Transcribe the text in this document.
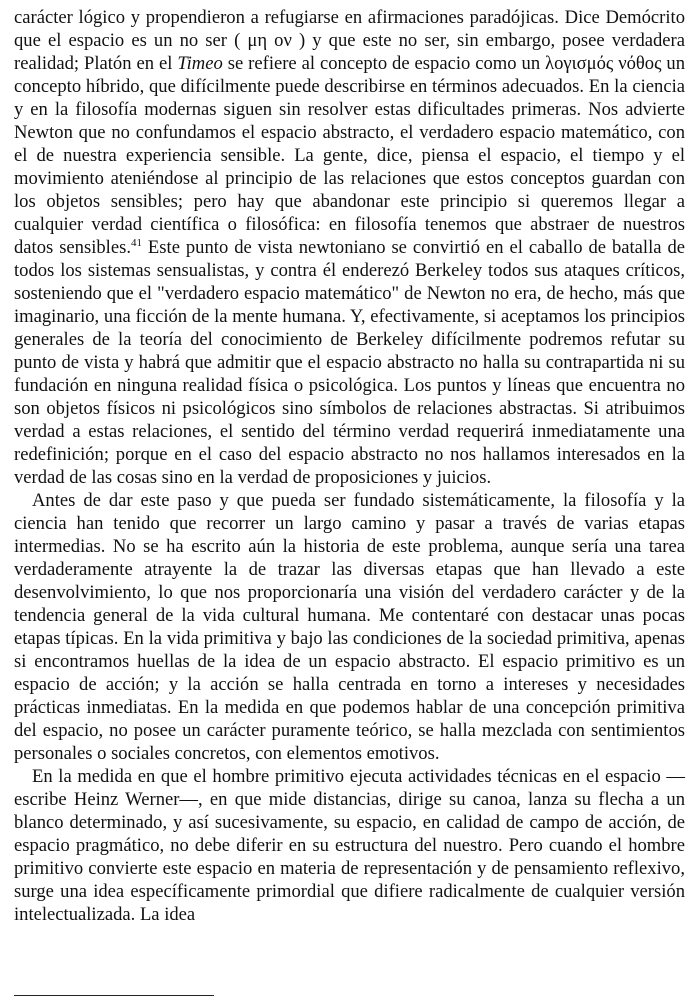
carácter lógico y propendieron a refugiarse en afirmaciones paradójicas. Dice Demócrito que el espacio es un no ser ( μη ον ) y que este no ser, sin embargo, posee verdadera realidad; Platón en el Timeo se refiere al concepto de espacio como un λογισμός νόθος un concepto híbrido, que difícilmente puede describirse en términos adecuados. En la ciencia y en la filosofía modernas siguen sin resolver estas dificultades primeras. Nos advierte Newton que no confundamos el espacio abstracto, el verdadero espacio matemático, con el de nuestra experiencia sensible. La gente, dice, piensa el espacio, el tiempo y el movimiento ateniéndose al principio de las relaciones que estos conceptos guardan con los objetos sensibles; pero hay que abandonar este principio si queremos llegar a cualquier verdad científica o filosófica: en filosofía tenemos que abstraer de nuestros datos sensibles.$^{41}$ Este punto de vista newtoniano se convirtió en el caballo de batalla de todos los sistemas sensualistas, y contra él enderezó Berkeley todos sus ataques críticos, sosteniendo que el "verdadero espacio matemático" de Newton no era, de hecho, más que imaginario, una ficción de la mente humana. Y, efectivamente, si aceptamos los principios generales de la teoría del conocimiento de Berkeley difícilmente podremos refutar su punto de vista y habrá que admitir que el espacio abstracto no halla su contrapartida ni su fundación en ninguna realidad física o psicológica. Los puntos y líneas que encuentra no son objetos físicos ni psicológicos sino símbolos de relaciones abstractas. Si atribuimos verdad a estas relaciones, el sentido del término verdad requerirá inmediatamente una redefinición; porque en el caso del espacio abstracto no nos hallamos interesados en la verdad de las cosas sino en la verdad de proposiciones y juicios.

Antes de dar este paso y que pueda ser fundado sistemáticamente, la filosofía y la ciencia han tenido que recorrer un largo camino y pasar a través de varias etapas intermedias. No se ha escrito aún la historia de este problema, aunque sería una tarea verdaderamente atrayente la de trazar las diversas etapas que han llevado a este desenvolvimiento, lo que nos proporcionaría una visión del verdadero carácter y de la tendencia general de la vida cultural humana. Me contentaré con destacar unas pocas etapas típicas. En la vida primitiva y bajo las condiciones de la sociedad primitiva, apenas si encontramos huellas de la idea de un espacio abstracto. El espacio primitivo es un espacio de acción; y la acción se halla centrada en torno a intereses y necesidades prácticas inmediatas. En la medida en que podemos hablar de una concepción primitiva del espacio, no posee un carácter puramente teórico, se halla mezclada con sentimientos personales o sociales concretos, con elementos emotivos.

En la medida en que el hombre primitivo ejecuta actividades técnicas en el espacio —escribe Heinz Werner—, en que mide distancias, dirige su canoa, lanza su flecha a un blanco determinado, y así sucesivamente, su espacio, en calidad de campo de acción, de espacio pragmático, no debe diferir en su estructura del nuestro. Pero cuando el hombre primitivo convierte este espacio en materia de representación y de pensamiento reflexivo, surge una idea específicamente primordial que difiere radicalmente de cualquier versión intelectualizada. La idea
